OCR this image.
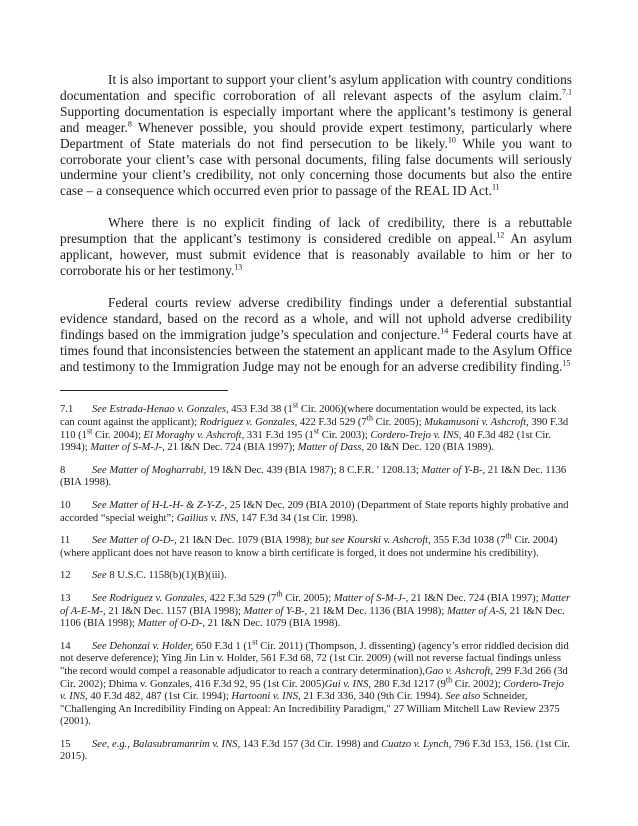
It is also important to support your client’s asylum application with country conditions documentation and specific corroboration of all relevant aspects of the asylum claim.$^{7.1}$ Supporting documentation is especially important where the applicant’s testimony is general and meager.$^8$ Whenever possible, you should provide expert testimony, particularly where Department of State materials do not find persecution to be likely.$^{10}$ While you want to corroborate your client’s case with personal documents, filing false documents will seriously undermine your client’s credibility, not only concerning those documents but also the entire case – a consequence which occurred even prior to passage of the REAL ID Act.$^{11}$

Where there is no explicit finding of lack of credibility, there is a rebuttable presumption that the applicant’s testimony is considered credible on appeal.$^{12}$ An asylum applicant, however, must submit evidence that is reasonably available to him or her to corroborate his or her testimony.$^{13}$

Federal courts review adverse credibility findings under a deferential substantial evidence standard, based on the record as a whole, and will not uphold adverse credibility findings based on the immigration judge’s speculation and conjecture.$^{14}$ Federal courts have at times found that inconsistencies between the statement an applicant made to the Asylum Office and testimony to the Immigration Judge may not be enough for an adverse credibility finding.$^{15}$

7.1 See Estrada-Henao v. Gonzales, 453 F.3d 38 (1st Cir. 2006)(where documentation would be expected, its lack can count against the applicant); Rodriguez v. Gonzales, 422 F.3d 529 (7th Cir. 2005); Mukamusoni v. Ashcroft, 390 F.3d 110 (1st Cir. 2004); El Moraghy v. Ashcroft, 331 F.3d 195 (1st Cir. 2003); Cordero-Trejo v. INS, 40 F.3d 482 (1st Cir. 1994); Matter of S-M-J-, 21 I&N Dec. 724 (BIA 1997); Matter of Dass, 20 I&N Dec. 120 (BIA 1989).

8	See Matter of Mogharrabi, 19 I&N Dec. 439 (BIA 1987); 8 C.F.R. ' 1208.13; Matter of Y-B-, 21 I&N Dec. 1136 (BIA 1998).

10 See Matter of H-L-H- & Z-Y-Z-, 25 I&N Dec. 209 (BIA 2010) (Department of State reports highly probative and accorded “special weight”; Gailius v. INS, 147 F.3d 34 (1st Cir. 1998).

11 See Matter of O-D-, 21 I&N Dec. 1079 (BIA 1998); but see Kourski v. Ashcroft, 355 F.3d 1038 (7th Cir. 2004)(where applicant does not have reason to know a birth certificate is forged, it does not undermine his credibility).

12 See 8 U.S.C. 1158(b)(1)(B)(iii).

13 See Rodriguez v. Gonzales, 422 F.3d 529 (7th Cir. 2005); Matter of S-M-J-, 21 I&N Dec. 724 (BIA 1997); Matter of A-E-M-, 21 I&N Dec. 1157 (BIA 1998); Matter of Y-B-, 21 I&M Dec. 1136 (BIA 1998); Matter of A-S, 21 I&N Dec. 1106 (BIA 1998); Matter of O-D-, 21 I&N Dec. 1079 (BIA 1998).

14 See Dehonzai v. Holder, 650 F.3d 1 (1st Cir. 2011) (Thompson, J. dissenting) (agency’s error riddled decision did not deserve deference); Ying Jin Lin v. Holder, 561 F.3d 68, 72 (1st Cir. 2009) (will not reverse factual findings unless "the record would compel a reasonable adjudicator to reach a contrary determination),Gao v. Ashcroft, 299 F.3d 266 (3d Cir. 2002); Dhima v. Gonzales, 416 F.3d 92, 95 (1st Cir. 2005)Gui v. INS, 280 F.3d 1217 (9th Cir. 2002); Cordero-Trejo v. INS, 40 F.3d 482, 487 (1st Cir. 1994); Hartooni v. INS, 21 F.3d 336, 340 (9th Cir. 1994). See also Schneider, "Challenging An Incredibility Finding on Appeal: An Incredibility Paradigm," 27 William Mitchell Law Review 2375 (2001).

15 See, e.g., Balasubramanrim v. INS, 143 F.3d 157 (3d Cir. 1998) and Cuatzo v. Lynch, 796 F.3d 153, 156. (1st Cir. 2015).
